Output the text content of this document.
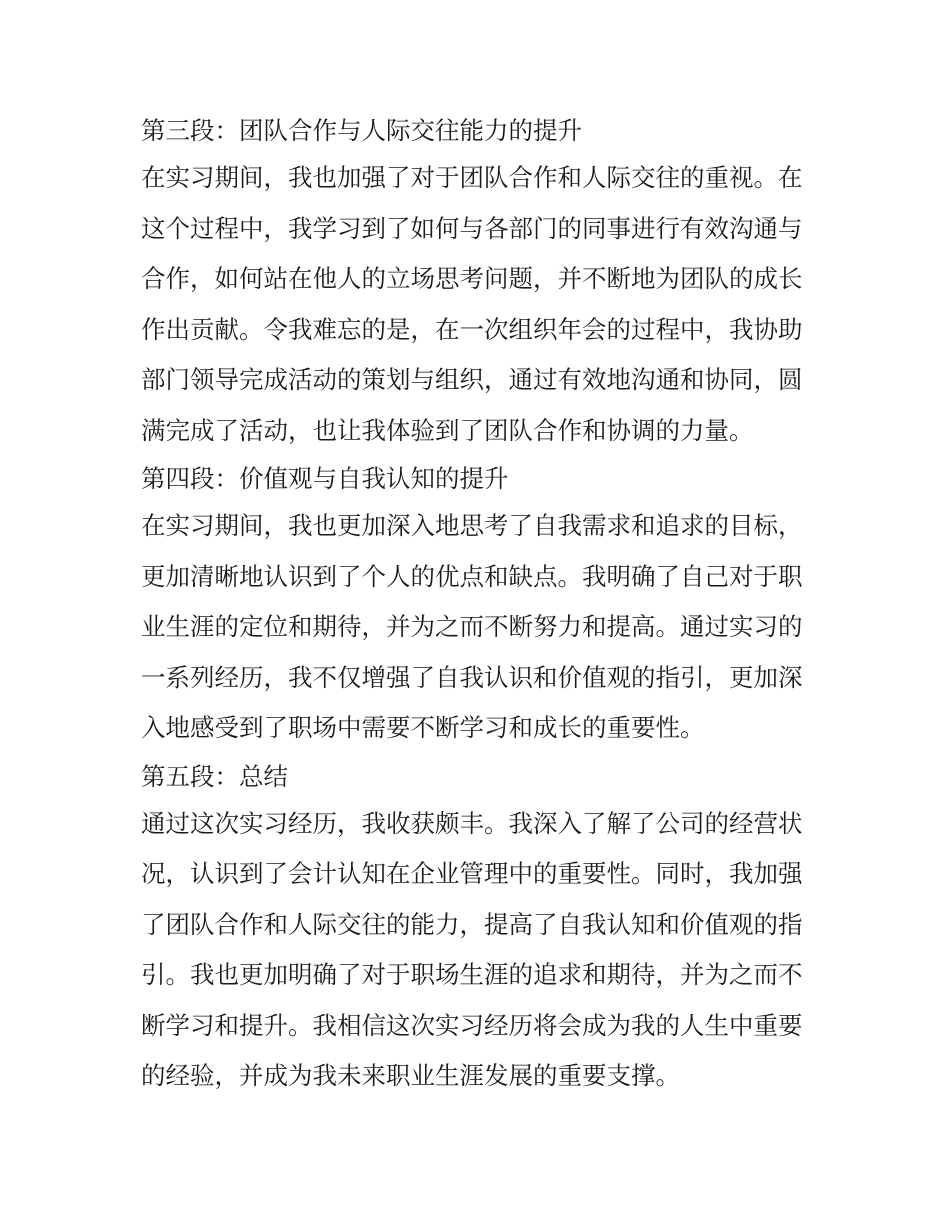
第三段：团队合作与人际交往能力的提升
在实习期间，我也加强了对于团队合作和人际交往的重视。在
这个过程中，我学习到了如何与各部门的同事进行有效沟通与
合作，如何站在他人的立场思考问题，并不断地为团队的成长
作出贡献。令我难忘的是，在一次组织年会的过程中，我协助
部门领导完成活动的策划与组织，通过有效地沟通和协同，圆
满完成了活动，也让我体验到了团队合作和协调的力量。
第四段：价值观与自我认知的提升
在实习期间，我也更加深入地思考了自我需求和追求的目标，
更加清晰地认识到了个人的优点和缺点。我明确了自己对于职
业生涯的定位和期待，并为之而不断努力和提高。通过实习的
一系列经历，我不仅增强了自我认识和价值观的指引，更加深
入地感受到了职场中需要不断学习和成长的重要性。
第五段：总结
通过这次实习经历，我收获颇丰。我深入了解了公司的经营状
况，认识到了会计认知在企业管理中的重要性。同时，我加强
了团队合作和人际交往的能力，提高了自我认知和价值观的指
引。我也更加明确了对于职场生涯的追求和期待，并为之而不
断学习和提升。我相信这次实习经历将会成为我的人生中重要
的经验，并成为我未来职业生涯发展的重要支撑。
